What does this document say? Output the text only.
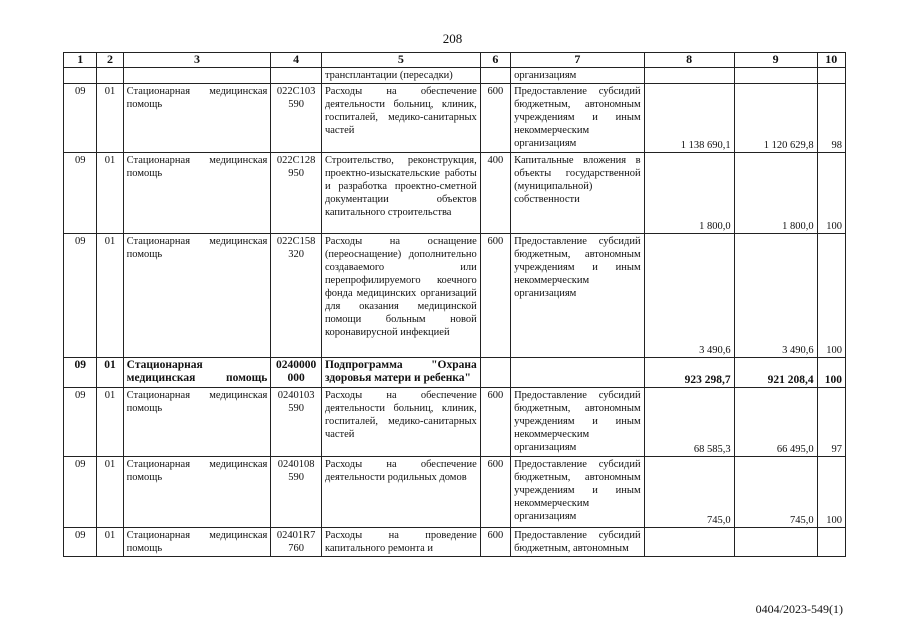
208
1	2	3	4	5	6	7	8	9	10
				трансплантации (пересадки)		организациям			
09	01	Стационарная медицинская помощь	022С103 590	Расходы на обеспечение деятельности больниц, клиник, госпиталей, медико-санитарных частей	600	Предоставление субсидий бюджетным, автономным учреждениям и иным некоммерческим организациям	1 138 690,1	1 120 629,8	98
09	01	Стационарная медицинская помощь	022С128 950	Строительство, реконструкция, проектно-изыскательские работы и разработка проектно-сметной документации объектов капитального строительства	400	Капитальные вложения в объекты государственной (муниципальной) собственности	1 800,0	1 800,0	100
09	01	Стационарная медицинская помощь	022С158 320	Расходы на оснащение (переоснащение) дополнительно создаваемого или перепрофилируемого коечного фонда медицинских организаций для оказания медицинской помощи больным новой коронавирусной инфекцией	600	Предоставление субсидий бюджетным, автономным учреждениям и иным некоммерческим организациям	3 490,6	3 490,6	100
09	01	Стационарная медицинская помощь	0240000 000	Подпрограмма "Охрана здоровья матери и ребенка"			923 298,7	921 208,4	100
09	01	Стационарная медицинская помощь	0240103 590	Расходы на обеспечение деятельности больниц, клиник, госпиталей, медико-санитарных частей	600	Предоставление субсидий бюджетным, автономным учреждениям и иным некоммерческим организациям	68 585,3	66 495,0	97
09	01	Стационарная медицинская помощь	0240108 590	Расходы на обеспечение деятельности родильных домов	600	Предоставление субсидий бюджетным, автономным учреждениям и иным некоммерческим организациям	745,0	745,0	100
09	01	Стационарная медицинская помощь	02401R7 760	Расходы на проведение капитального ремонта и	600	Предоставление субсидий бюджетным, автономным			
0404/2023-549(1)
